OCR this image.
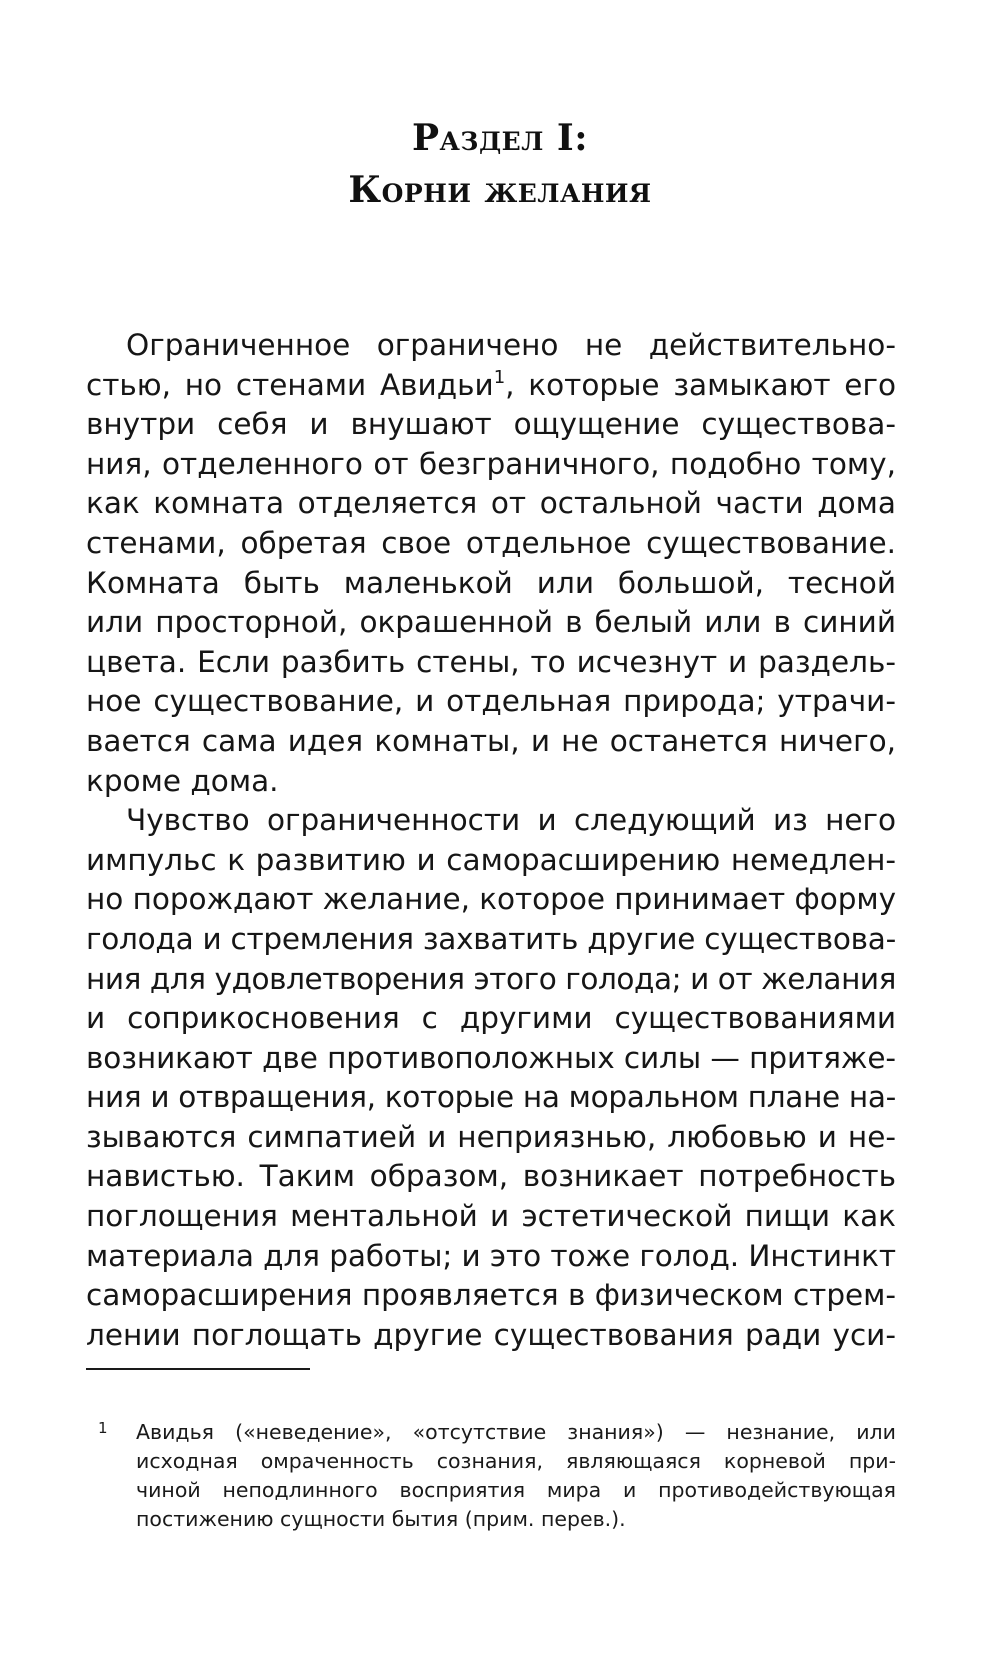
Раздел I:
Корни желания
Ограниченное ограничено не действительно-
стью, но стенами Авидьи$^1$, которые замыкают его
внутри себя и внушают ощущение существова-
ния, отделенного от безграничного, подобно тому,
как комната отделяется от остальной части дома
стенами, обретая свое отдельное существование.
Комната быть маленькой или большой, тесной
или просторной, окрашенной в белый или в синий
цвета. Если разбить стены, то исчезнут и раздель-
ное существование, и отдельная природа; утрачи-
вается сама идея комнаты, и не останется ничего,
кроме дома.
Чувство ограниченности и следующий из него
импульс к развитию и саморасширению немедлен-
но порождают желание, которое принимает форму
голода и стремления захватить другие существова-
ния для удовлетворения этого голода; и от желания
и соприкосновения с другими существованиями
возникают две противоположных силы — притяже-
ния и отвращения, которые на моральном плане на-
зываются симпатией и неприязнью, любовью и не-
навистью. Таким образом, возникает потребность
поглощения ментальной и эстетической пищи как
материала для работы; и это тоже голод. Инстинкт
саморасширения проявляется в физическом стрем-
лении поглощать другие существования ради уси-
1 Авидья («неведение», «отсутствие знания») — незнание, или
исходная омраченность сознания, являющаяся корневой при-
чиной неподлинного восприятия мира и противодействующая
постижению сущности бытия (прим. перев.).
